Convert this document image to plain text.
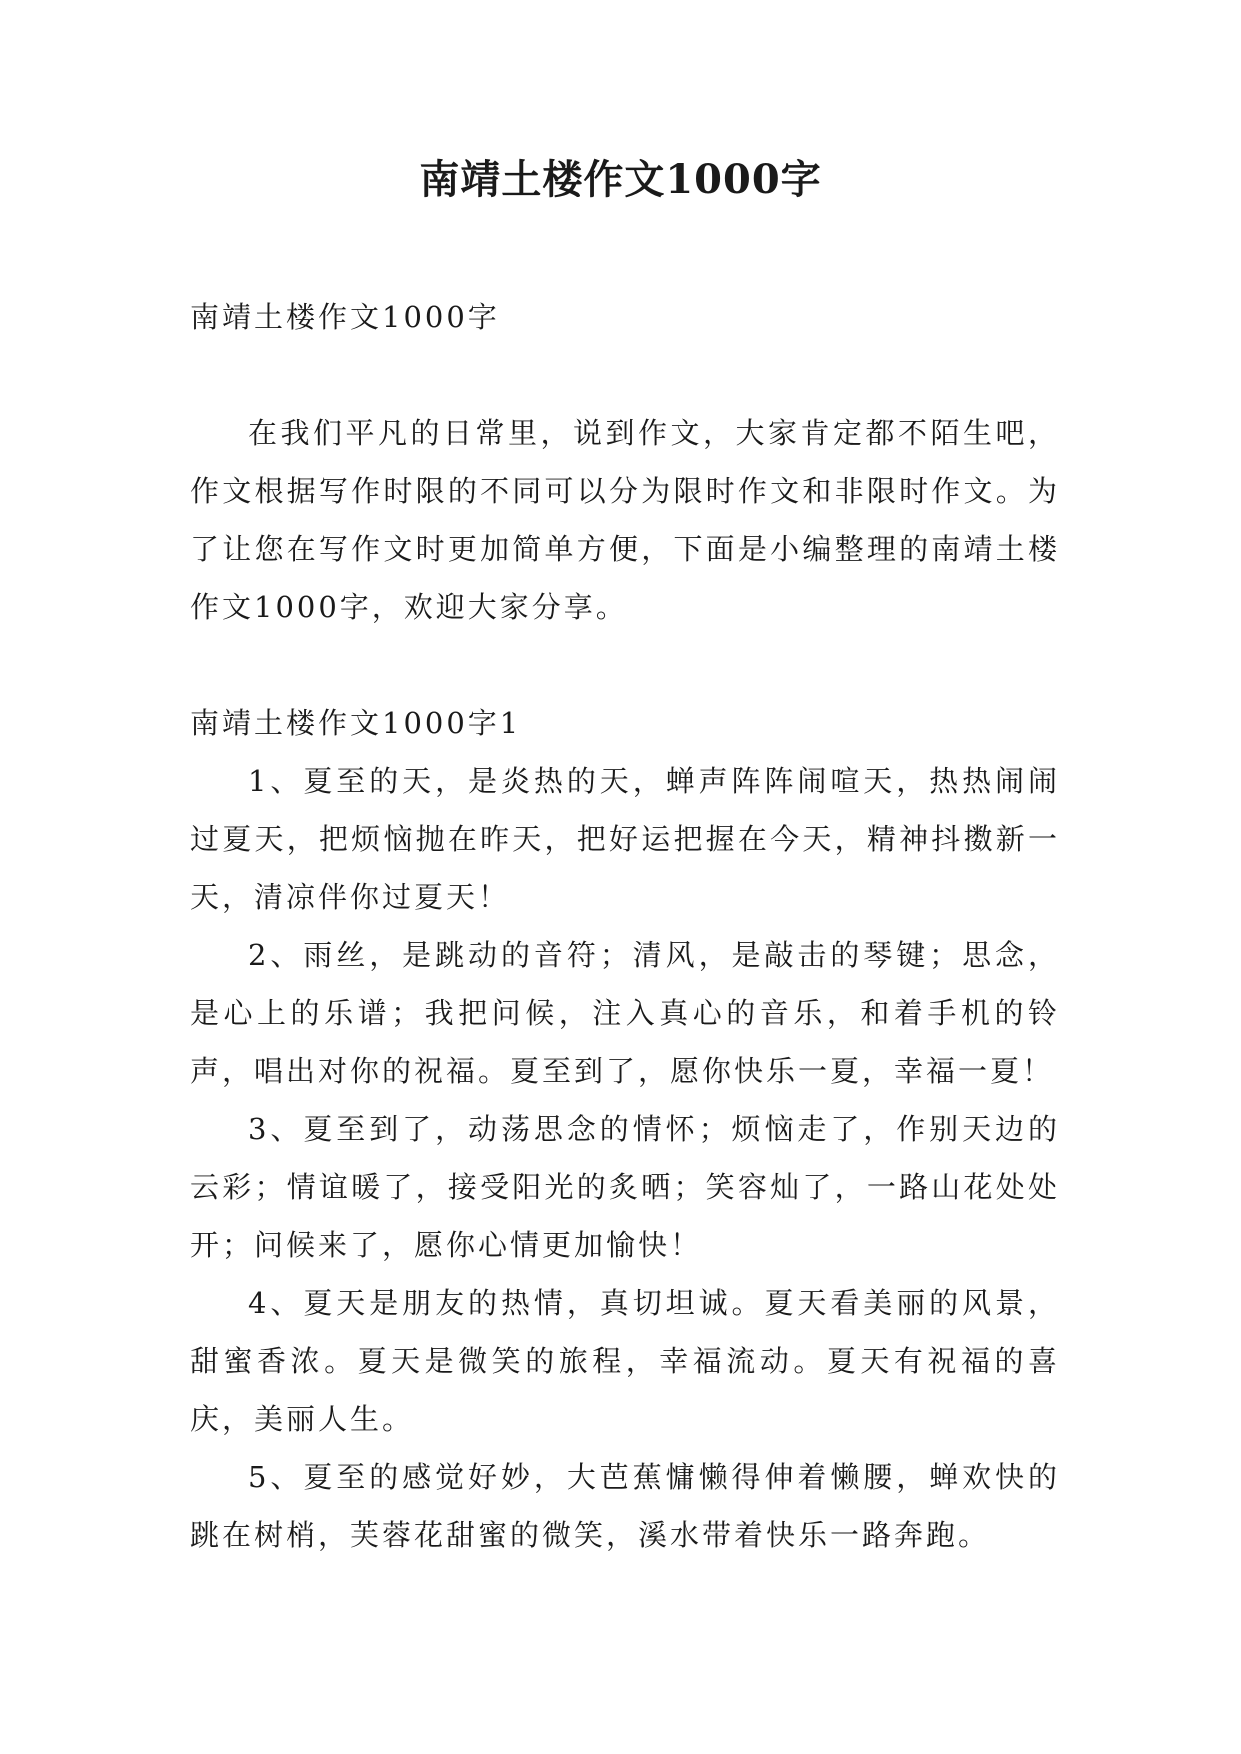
南靖土楼作文1000字

南靖土楼作文1000字

在我们平凡的日常里，说到作文，大家肯定都不陌生吧，作文根据写作时限的不同可以分为限时作文和非限时作文。为了让您在写作文时更加简单方便，下面是小编整理的南靖土楼作文1000字，欢迎大家分享。

南靖土楼作文1000字1

1、夏至的天，是炎热的天，蝉声阵阵闹喧天，热热闹闹过夏天，把烦恼抛在昨天，把好运把握在今天，精神抖擞新一天，清凉伴你过夏天！

2、雨丝，是跳动的音符；清风，是敲击的琴键；思念，是心上的乐谱；我把问候，注入真心的音乐，和着手机的铃声，唱出对你的祝福。夏至到了，愿你快乐一夏，幸福一夏！

3、夏至到了，动荡思念的情怀；烦恼走了，作别天边的云彩；情谊暖了，接受阳光的炙晒；笑容灿了，一路山花处处开；问候来了，愿你心情更加愉快！

4、夏天是朋友的热情，真切坦诚。夏天看美丽的风景，甜蜜香浓。夏天是微笑的旅程，幸福流动。夏天有祝福的喜庆，美丽人生。

5、夏至的感觉好妙，大芭蕉慵懒得伸着懒腰，蝉欢快的跳在树梢，芙蓉花甜蜜的微笑，溪水带着快乐一路奔跑。
